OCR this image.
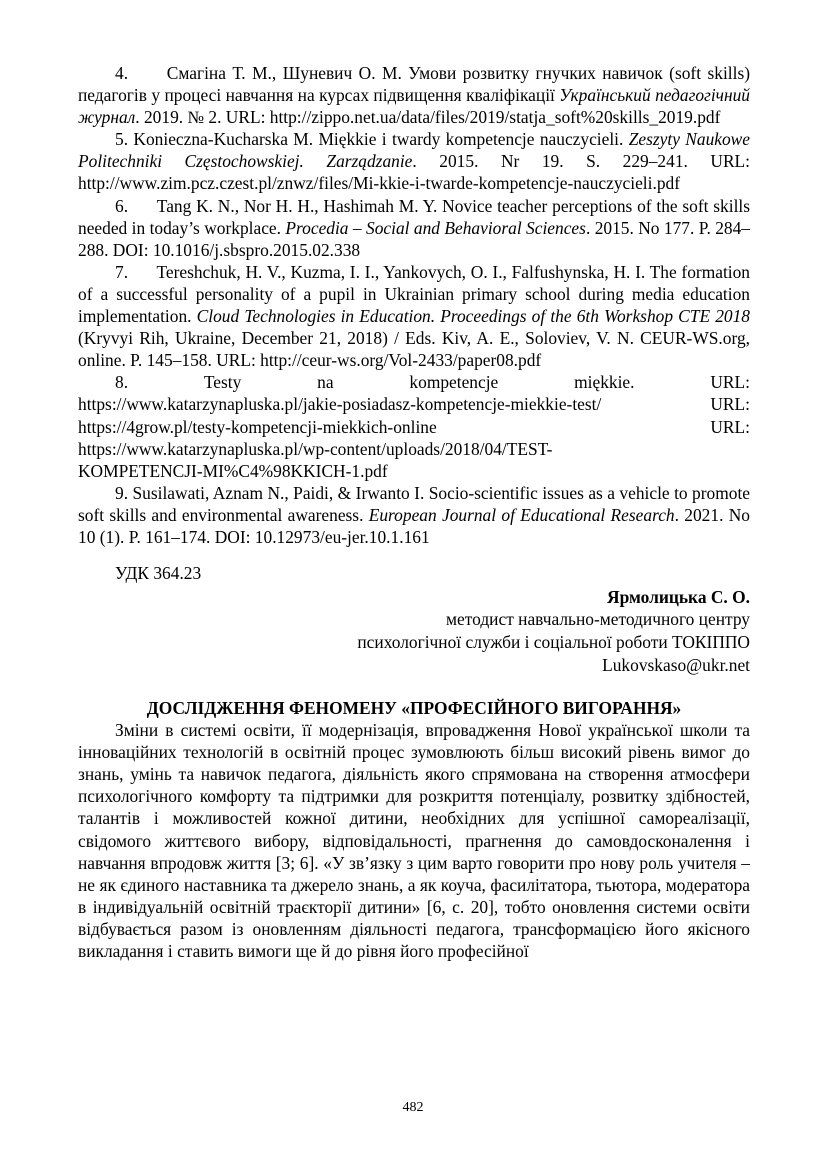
4. Смагіна Т. М., Шуневич О. М. Умови розвитку гнучких навичок (soft skills) педагогів у процесі навчання на курсах підвищення кваліфікації Український педагогічний журнал. 2019. № 2. URL: http://zippo.net.ua/data/files/2019/statja_soft%20skills_2019.pdf

5. Konieczna-Kucharska M. Miękkie i twardy kompetencje nauczycieli. Zeszyty Naukowe Politechniki Częstochowskiej. Zarządzanie. 2015. Nr 19. S. 229–241. URL: http://www.zim.pcz.czest.pl/znwz/files/Mi-kkie-i-twarde-kompetencje-nauczycieli.pdf

6. Tang K. N., Nor H. H., Hashimah M. Y. Novice teacher perceptions of the soft skills needed in today’s workplace. Procedia – Social and Behavioral Sciences. 2015. No 177. P. 284–288. DOI: 10.1016/j.sbspro.2015.02.338

7. Tereshchuk, H. V., Kuzma, I. I., Yankovych, O. I., Falfushynska, H. I. The formation of a successful personality of a pupil in Ukrainian primary school during media education implementation. Cloud Technologies in Education. Proceedings of the 6th Workshop CTE 2018 (Kryvyi Rih, Ukraine, December 21, 2018) / Eds. Kiv, A. E., Soloviev, V. N. CEUR-WS.org, online. P. 145–158. URL: http://ceur-ws.org/Vol-2433/paper08.pdf

8.	Testy	na	kompetencje	miękkie.	URL:
https://www.katarzynapluska.pl/jakie-posiadasz-kompetencje-miekkie-test/	URL:
https://4grow.pl/testy-kompetencji-miekkich-online	URL:
https://www.katarzynapluska.pl/wp-content/uploads/2018/04/TEST-
KOMPETENCJI-MI%C4%98KKICH-1.pdf

9. Susilawati, Aznam N., Paidi, & Irwanto I. Socio-scientific issues as a vehicle to promote soft skills and environmental awareness. European Journal of Educational Research. 2021. No 10 (1). P. 161–174. DOI: 10.12973/eu-jer.10.1.161

УДК 364.23
Ярмолицька С. О.
методист навчально-методичного центру
психологічної служби і соціальної роботи ТОКІППО
Lukovskaso@ukr.net
ДОСЛІДЖЕННЯ ФЕНОМЕНУ «ПРОФЕСІЙНОГО ВИГОРАННЯ»

Зміни в системі освіти, її модернізація, впровадження Нової української школи та інноваційних технологій в освітній процес зумовлюють більш високий рівень вимог до знань, умінь та навичок педагога, діяльність якого спрямована на створення атмосфери психологічного комфорту та підтримки для розкриття потенціалу, розвитку здібностей, талантів і можливостей кожної дитини, необхідних для успішної самореалізації, свідомого життєвого вибору, відповідальності, прагнення до самовдосконалення і навчання впродовж життя [3; 6]. «У зв’язку з цим варто говорити про нову роль учителя – не як єдиного наставника та джерело знань, а як коуча, фасилітатора, тьютора, модератора в індивідуальній освітній траєкторії дитини» [6, с. 20], тобто оновлення системи освіти відбувається разом із оновленням діяльності педагога, трансформацією його якісного викладання і ставить вимоги ще й до рівня його професійної

482
